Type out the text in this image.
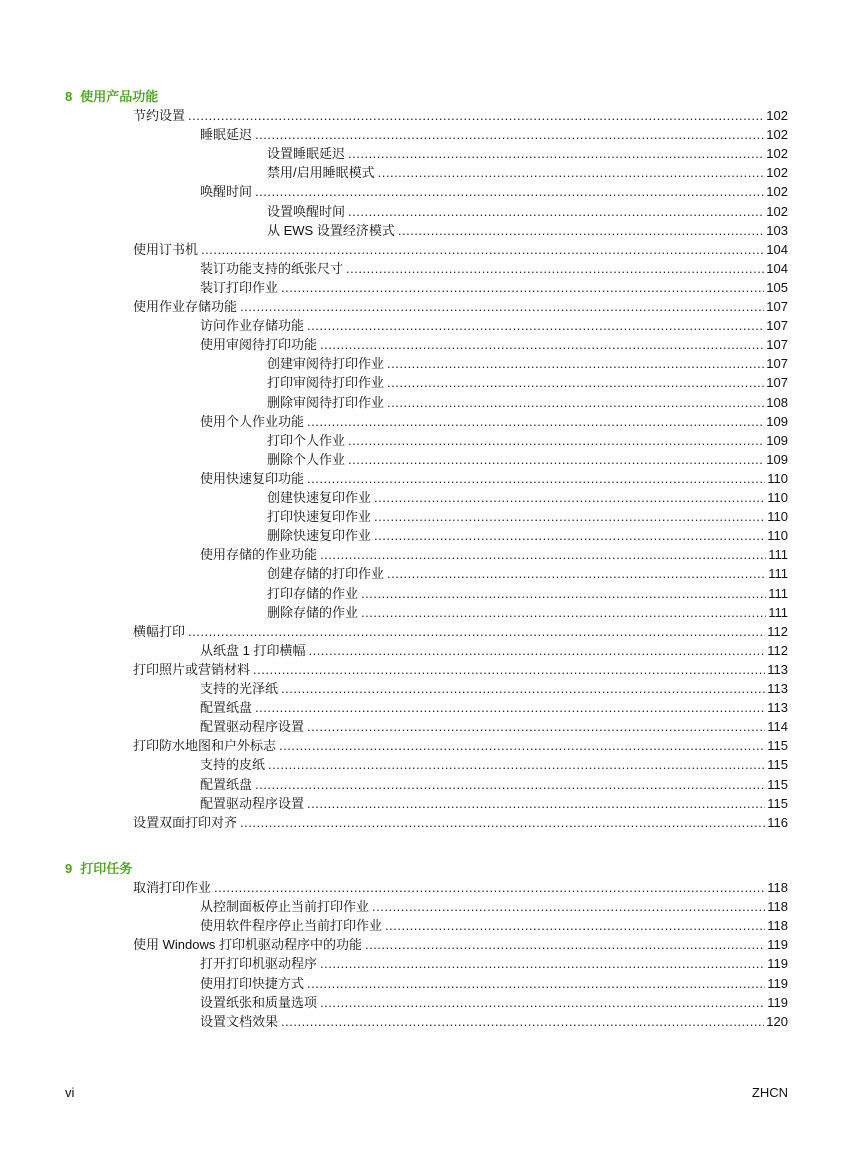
8 使用产品功能
节约设置 .....	102
睡眠延迟 .....	102
设置睡眠延迟 .....	102
禁用/启用睡眠模式 .....	102
唤醒时间 .....	102
设置唤醒时间 .....	102
从 EWS 设置经济模式 .....	103
使用订书机 .....	104
装订功能支持的纸张尺寸 .....	104
装订打印作业 .....	105
使用作业存储功能 .....	107
访问作业存储功能 .....	107
使用审阅待打印功能 .....	107
创建审阅待打印作业 .....	107
打印审阅待打印作业 .....	107
删除审阅待打印作业 .....	108
使用个人作业功能 .....	109
打印个人作业 .....	109
删除个人作业 .....	109
使用快速复印功能 .....	110
创建快速复印作业 .....	110
打印快速复印作业 .....	110
删除快速复印作业 .....	110
使用存储的作业功能 .....	111
创建存储的打印作业 .....	111
打印存储的作业 .....	111
删除存储的作业 .....	111
横幅打印 .....	112
从纸盘 1 打印横幅 .....	112
打印照片或营销材料 .....	113
支持的光泽纸 .....	113
配置纸盘 .....	113
配置驱动程序设置 .....	114
打印防水地图和户外标志 .....	115
支持的皮纸 .....	115
配置纸盘 .....	115
配置驱动程序设置 .....	115
设置双面打印对齐 .....	116
9 打印任务
取消打印作业 .....	118
从控制面板停止当前打印作业 .....	118
使用软件程序停止当前打印作业 .....	118
使用 Windows 打印机驱动程序中的功能 .....	119
打开打印机驱动程序 .....	119
使用打印快捷方式 .....	119
设置纸张和质量选项 .....	119
设置文档效果 .....	120
vi	ZHCN
